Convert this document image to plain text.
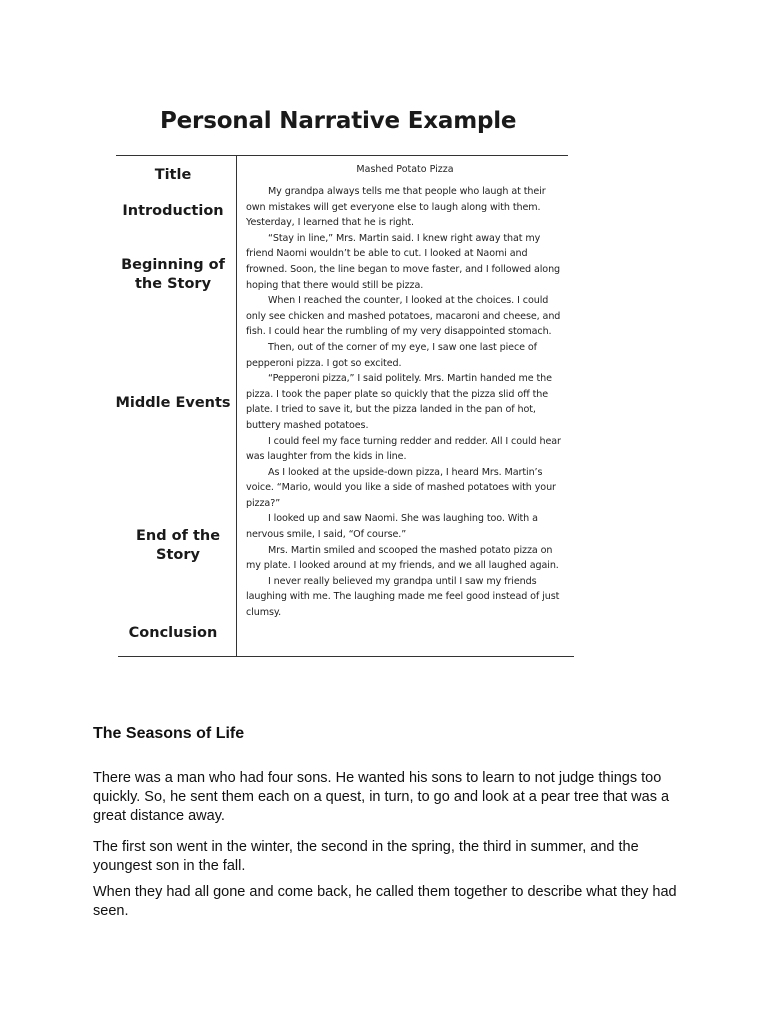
Personal Narrative Example
Title
Introduction
Beginning of the Story
Middle Events
End of the Story
Conclusion
Mashed Potato Pizza

My grandpa always tells me that people who laugh at their own mistakes will get everyone else to laugh along with them. Yesterday, I learned that he is right.

“Stay in line,” Mrs. Martin said. I knew right away that my friend Naomi wouldn’t be able to cut. I looked at Naomi and frowned. Soon, the line began to move faster, and I followed along hoping that there would still be pizza.

When I reached the counter, I looked at the choices. I could only see chicken and mashed potatoes, macaroni and cheese, and fish. I could hear the rumbling of my very disappointed stomach.

Then, out of the corner of my eye, I saw one last piece of pepperoni pizza. I got so excited.

“Pepperoni pizza,” I said politely. Mrs. Martin handed me the pizza. I took the paper plate so quickly that the pizza slid off the plate. I tried to save it, but the pizza landed in the pan of hot, buttery mashed potatoes.

I could feel my face turning redder and redder. All I could hear was laughter from the kids in line.

As I looked at the upside-down pizza, I heard Mrs. Martin’s voice. “Mario, would you like a side of mashed potatoes with your pizza?”

I looked up and saw Naomi. She was laughing too. With a nervous smile, I said, “Of course.”

Mrs. Martin smiled and scooped the mashed potato pizza on my plate. I looked around at my friends, and we all laughed again.

I never really believed my grandpa until I saw my friends laughing with me. The laughing made me feel good instead of just clumsy.

The Seasons of Life

There was a man who had four sons. He wanted his sons to learn to not judge things too quickly. So, he sent them each on a quest, in turn, to go and look at a pear tree that was a great distance away.

The first son went in the winter, the second in the spring, the third in summer, and the youngest son in the fall.

When they had all gone and come back, he called them together to describe what they had seen.
